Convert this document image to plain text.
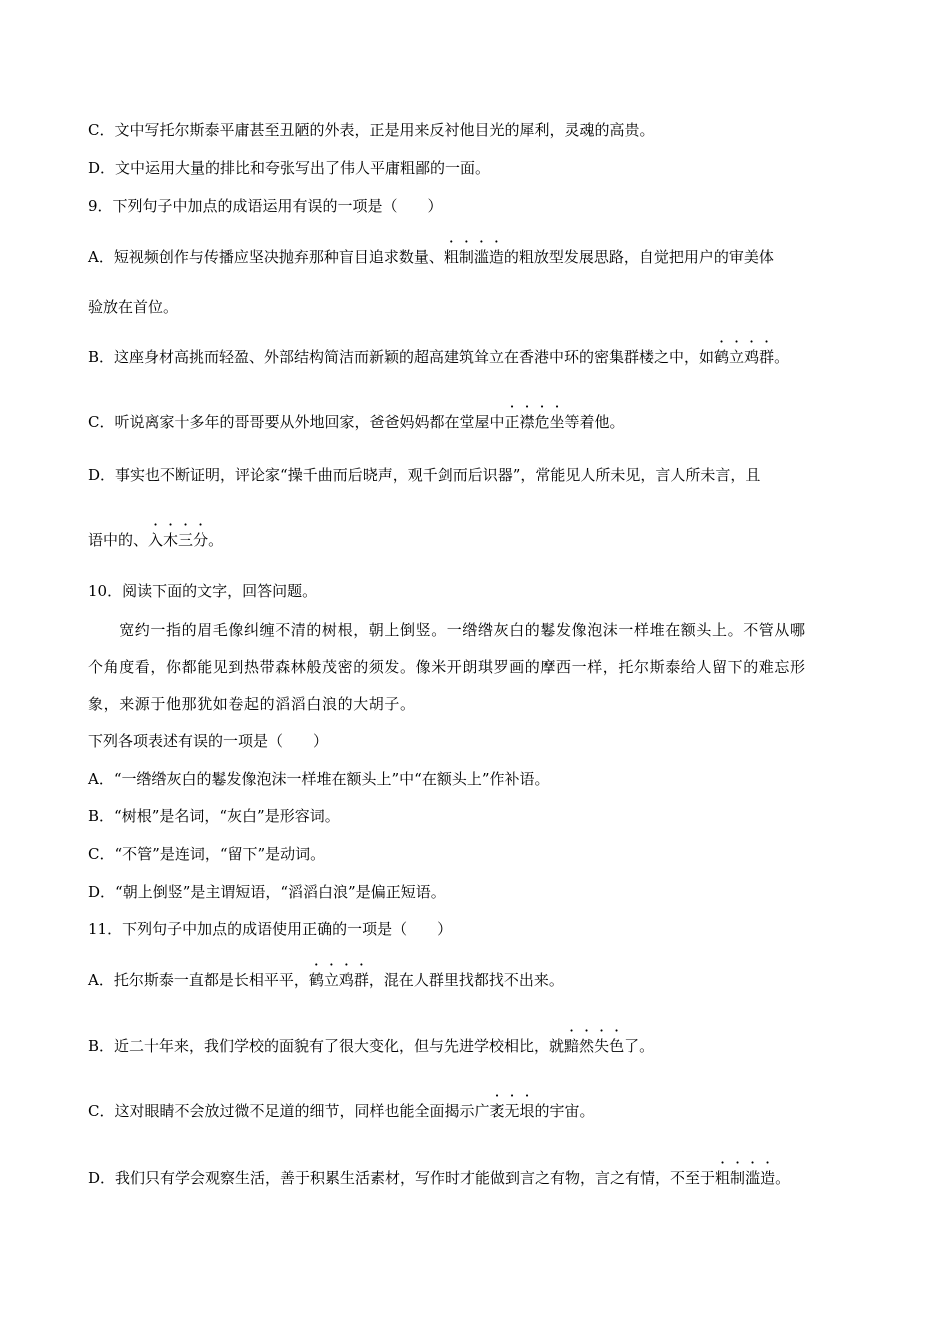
C．文中写托尔斯泰平庸甚至丑陋的外表，正是用来反衬他目光的犀利，灵魂的高贵。
D．文中运用大量的排比和夸张写出了伟人平庸粗鄙的一面。
9．下列句子中加点的成语运用有误的一项是（　　）
A．短视频创作与传播应坚决抛弃那种盲目追求数量、粗制滥造的粗放型发展思路，自觉把用户的审美体
验放在首位。
B．这座身材高挑而轻盈、外部结构简洁而新颖的超高建筑耸立在香港中环的密集群楼之中，如鹤立鸡群。
C．听说离家十多年的哥哥要从外地回家，爸爸妈妈都在堂屋中正襟危坐等着他。
D．事实也不断证明，评论家“操千曲而后晓声，观千剑而后识器”，常能见人所未见，言人所未言，且
语中的、入木三分。
10．阅读下面的文字，回答问题。
　　宽约一指的眉毛像纠缠不清的树根，朝上倒竖。一绺绺灰白的鬈发像泡沫一样堆在额头上。不管从哪
个角度看，你都能见到热带森林般茂密的须发。像米开朗琪罗画的摩西一样，托尔斯泰给人留下的难忘形
象，来源于他那犹如卷起的滔滔白浪的大胡子。
下列各项表述有误的一项是（　　）
A．“一绺绺灰白的鬈发像泡沫一样堆在额头上”中“在额头上”作补语。
B．“树根”是名词，“灰白”是形容词。
C．“不管”是连词，“留下”是动词。
D．“朝上倒竖”是主谓短语，“滔滔白浪”是偏正短语。
11．下列句子中加点的成语使用正确的一项是（　　）
A．托尔斯泰一直都是长相平平，鹤立鸡群，混在人群里找都找不出来。
B．近二十年来，我们学校的面貌有了很大变化，但与先进学校相比，就黯然失色了。
C．这对眼睛不会放过微不足道的细节，同样也能全面揭示广袤无垠的宇宙。
D．我们只有学会观察生活，善于积累生活素材，写作时才能做到言之有物，言之有情，不至于粗制滥造。
